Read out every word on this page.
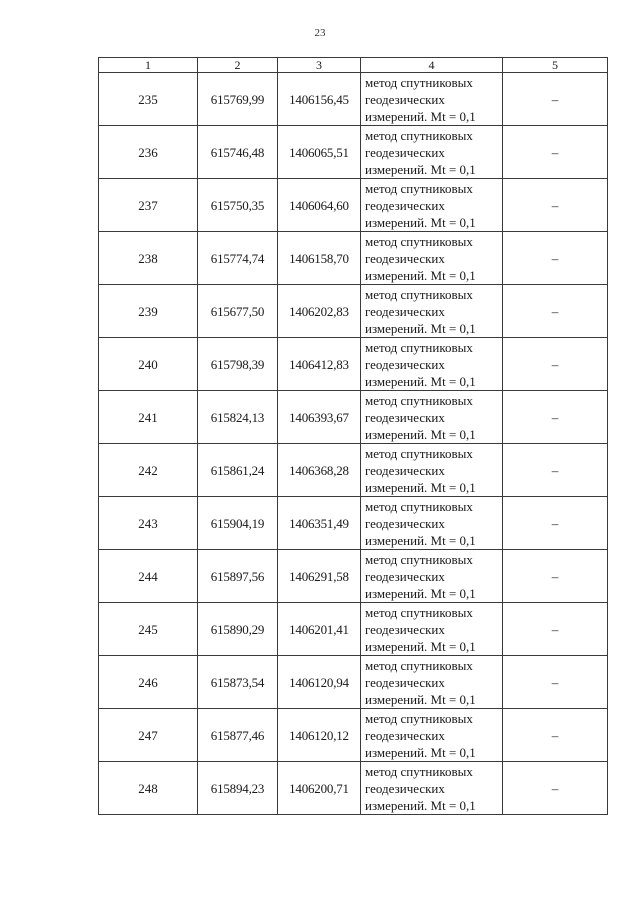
23
1	2	3	4	5
235	615769,99	1406156,45	метод спутниковых
геодезических
измерений. Mt = 0,1	–
236	615746,48	1406065,51	метод спутниковых
геодезических
измерений. Mt = 0,1	–
237	615750,35	1406064,60	метод спутниковых
геодезических
измерений. Mt = 0,1	–
238	615774,74	1406158,70	метод спутниковых
геодезических
измерений. Mt = 0,1	–
239	615677,50	1406202,83	метод спутниковых
геодезических
измерений. Mt = 0,1	–
240	615798,39	1406412,83	метод спутниковых
геодезических
измерений. Mt = 0,1	–
241	615824,13	1406393,67	метод спутниковых
геодезических
измерений. Mt = 0,1	–
242	615861,24	1406368,28	метод спутниковых
геодезических
измерений. Mt = 0,1	–
243	615904,19	1406351,49	метод спутниковых
геодезических
измерений. Mt = 0,1	–
244	615897,56	1406291,58	метод спутниковых
геодезических
измерений. Mt = 0,1	–
245	615890,29	1406201,41	метод спутниковых
геодезических
измерений. Mt = 0,1	–
246	615873,54	1406120,94	метод спутниковых
геодезических
измерений. Mt = 0,1	–
247	615877,46	1406120,12	метод спутниковых
геодезических
измерений. Mt = 0,1	–
248	615894,23	1406200,71	метод спутниковых
геодезических
измерений. Mt = 0,1	–
